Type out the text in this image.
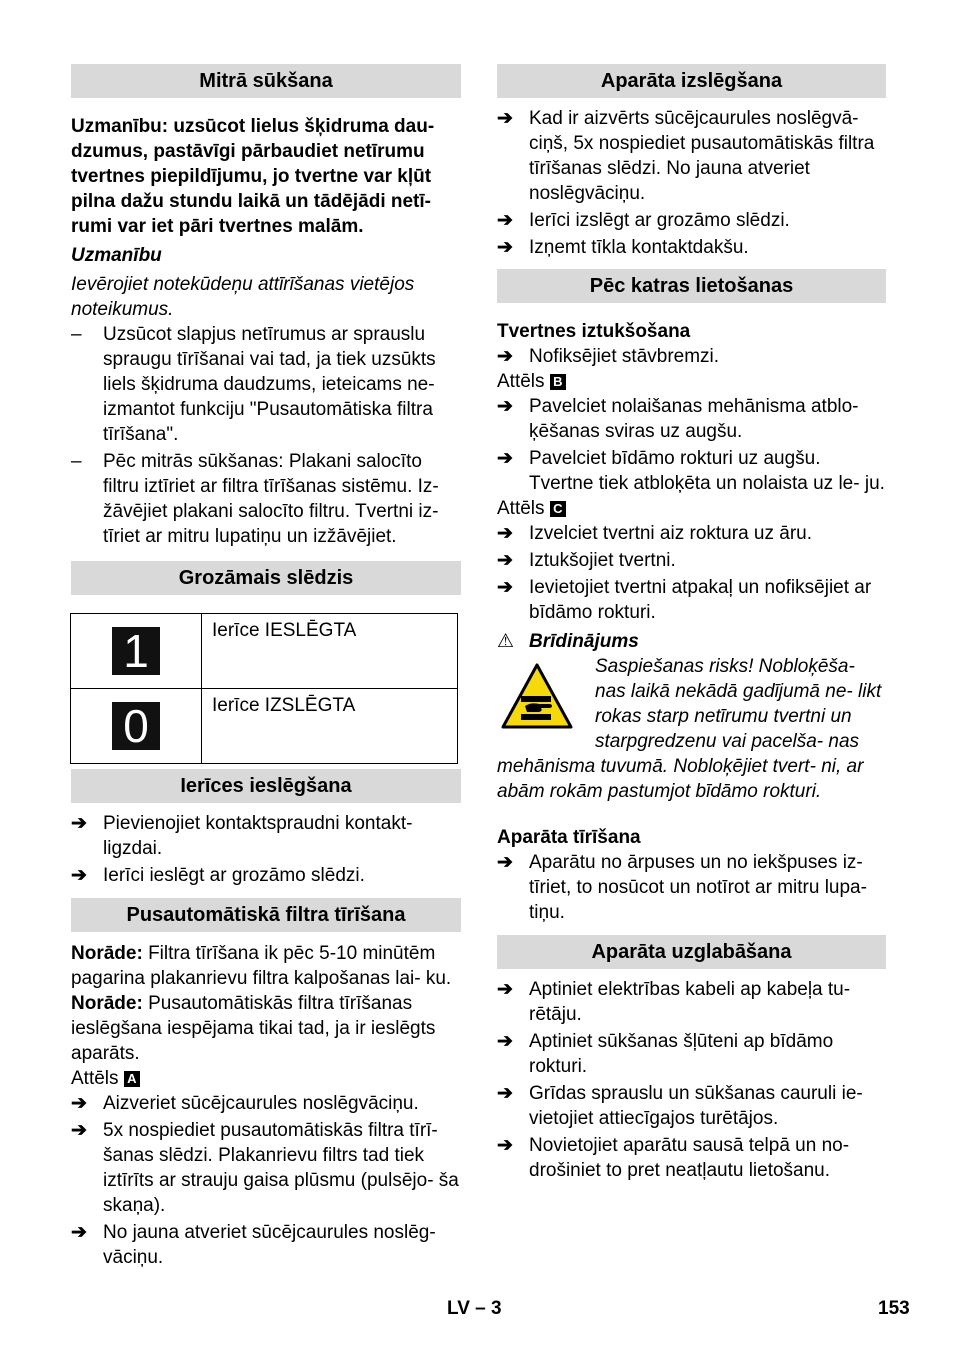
Mitrā sūkšana

Uzmanību: uzsūcot lielus šķidruma dau- dzumus, pastāvīgi pārbaudiet netīrumu tvertnes piepildījumu, jo tvertne var kļūt pilna dažu stundu laikā un tādējādi netī- rumi var iet pāri tvertnes malām.

Uzmanību

Ievērojiet notekūdeņu attīrīšanas vietējos noteikumus.

–	Uzsūcot slapjus netīrumus ar sprauslu spraugu tīrīšanai vai tad, ja tiek uzsūkts liels šķidruma daudzums, ieteicams ne- izmantot funkciju "Pusautomātiska filtra tīrīšana".
–	Pēc mitrās sūkšanas: Plakani salocīto filtru iztīriet ar filtra tīrīšanas sistēmu. Iz- žāvējiet plakani salocīto filtru. Tvertni iz- tīriet ar mitru lupatiņu un izžāvējiet.
Grozāmais slēdzis
1	Ierīce IESLĒGTA
0	Ierīce IZSLĒGTA
Ierīces ieslēgšana
➔ Pievienojiet kontaktspraudni kontakt- ligzdai.
➔ Ierīci ieslēgt ar grozāmo slēdzi.
Pusautomātiskā filtra tīrīšana

Norāde: Filtra tīrīšana ik pēc 5-10 minūtēm pagarina plakanrievu filtra kalpošanas lai- ku.

Norāde: Pusautomātiskās filtra tīrīšanas ieslēgšana iespējama tikai tad, ja ir ieslēgts aparāts.

Attēls A

➔ Aizveriet sūcējcaurules noslēgvāciņu.
➔ 5x nospiediet pusautomātiskās filtra tīrī- šanas slēdzi. Plakanrievu filtrs tad tiek iztīrīts ar strauju gaisa plūsmu (pulsējo- ša skaņa).
➔ No jauna atveriet sūcējcaurules noslēg- vāciņu.
Aparāta izslēgšana
➔ Kad ir aizvērts sūcējcaurules noslēgvā- ciņš, 5x nospiediet pusautomātiskās filtra tīrīšanas slēdzi. No jauna atveriet noslēgvāciņu.
➔ Ierīci izslēgt ar grozāmo slēdzi.
➔ Izņemt tīkla kontaktdakšu.
Pēc katras lietošanas

Tvertnes iztukšošana

➔ Nofiksējiet stāvbremzi.

Attēls B

➔ Pavelciet nolaišanas mehānisma atblo- ķēšanas sviras uz augšu.
➔ Pavelciet bīdāmo rokturi uz augšu. Tvertne tiek atbloķēta un nolaista uz le- ju.

Attēls C

➔ Izvelciet tvertni aiz roktura uz āru.
➔ Iztukšojiet tvertni.
➔ Ievietojiet tvertni atpakaļ un nofiksējiet ar bīdāmo rokturi.
⚠ Brīdinājums

Saspiešanas risks! Nobloķēša- nas laikā nekādā gadījumā ne- likt rokas starp netīrumu tvertni un starpgredzenu vai pacelša- nas mehānisma tuvumā. Nobloķējiet tvert- ni, ar abām rokām pastumjot bīdāmo rokturi.

Aparāta tīrīšana

➔ Aparātu no ārpuses un no iekšpuses iz- tīriet, to nosūcot un notīrot ar mitru lupa- tiņu.
Aparāta uzglabāšana
➔ Aptiniet elektrības kabeli ap kabeļa tu- rētāju.
➔ Aptiniet sūkšanas šļūteni ap bīdāmo rokturi.
➔ Grīdas sprauslu un sūkšanas cauruli ie- vietojiet attiecīgajos turētājos.
➔ Novietojiet aparātu sausā telpā un no- drošiniet to pret neatļautu lietošanu.
LV – 3	153
